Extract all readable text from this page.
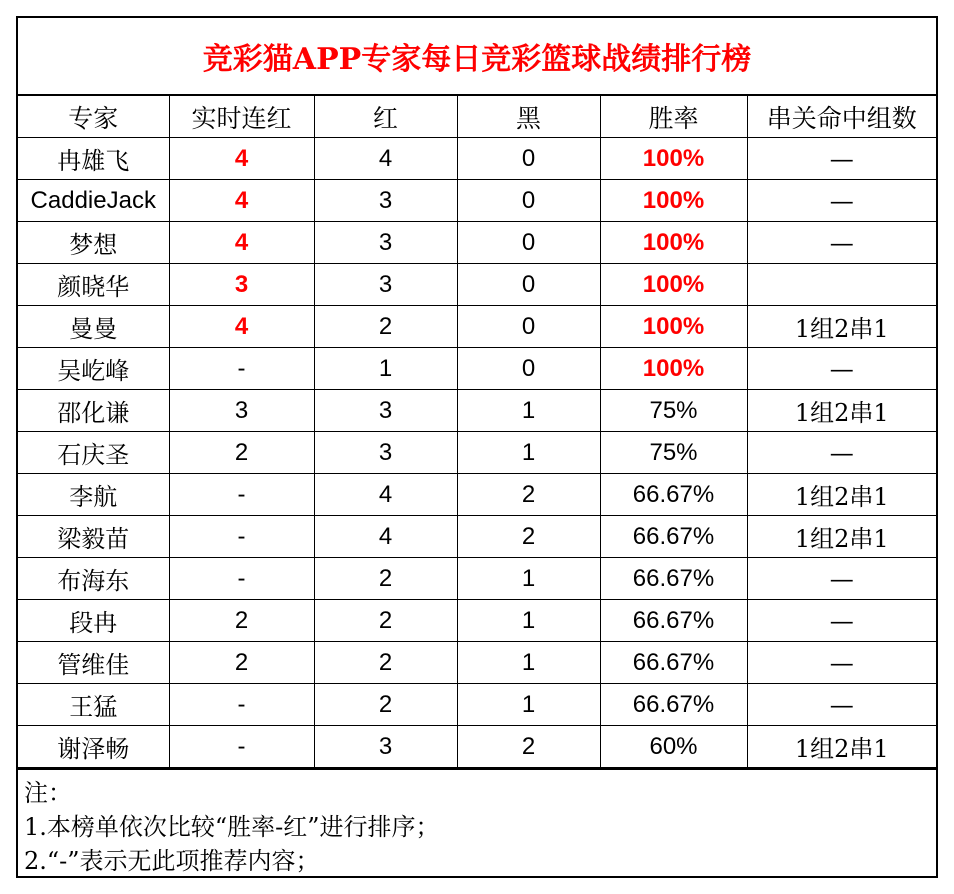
竞彩猫APP专家每日竞彩篮球战绩排行榜
专家	实时连红	红	黑	胜率	串关命中组数
冉雄飞	4	4	0	100%	—
CaddieJack	4	3	0	100%	—
梦想	4	3	0	100%	—
颜晓华	3	3	0	100%	
曼曼	4	2	0	100%	1组2串1
吴屹峰	-	1	0	100%	—
邵化谦	3	3	1	75%	1组2串1
石庆圣	2	3	1	75%	—
李航	-	4	2	66.67%	1组2串1
梁毅苗	-	4	2	66.67%	1组2串1
布海东	-	2	1	66.67%	—
段冉	2	2	1	66.67%	—
管维佳	2	2	1	66.67%	—
王猛	-	2	1	66.67%	—
谢泽畅	-	3	2	60%	1组2串1
注：
1.本榜单依次比较“胜率-红”进行排序；
2.“-”表示无此项推荐内容；
